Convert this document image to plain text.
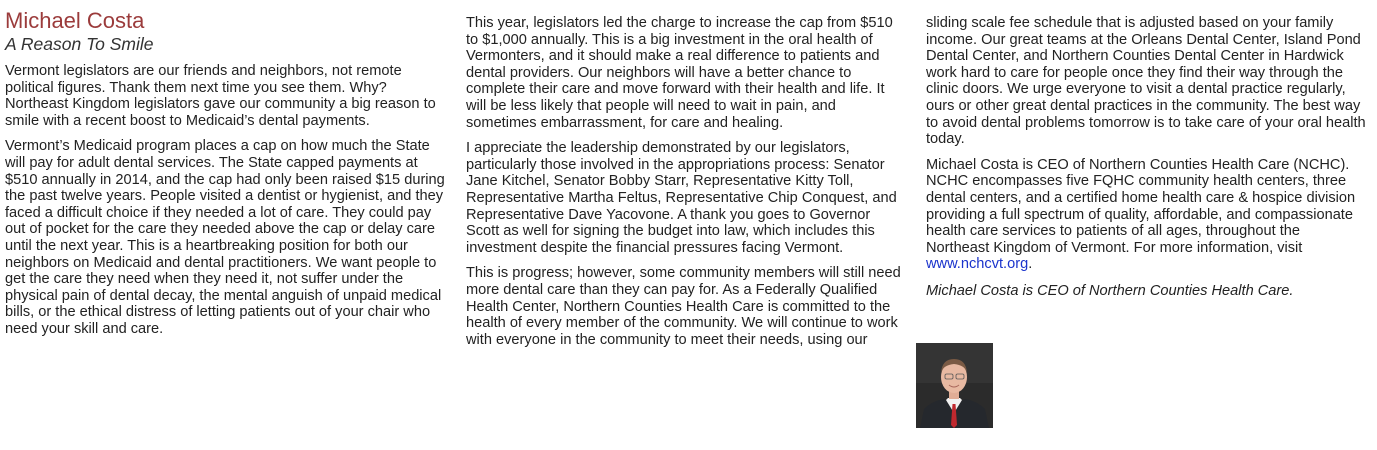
Michael Costa
A Reason To Smile

Vermont legislators are our friends and neighbors, not remote political figures. Thank them next time you see them. Why? Northeast Kingdom legislators gave our community a big reason to smile with a recent boost to Medicaid’s dental payments.

Vermont’s Medicaid program places a cap on how much the State will pay for adult dental services. The State capped payments at $510 annually in 2014, and the cap had only been raised $15 during the past twelve years. People visited a dentist or hygienist, and they faced a difficult choice if they needed a lot of care. They could pay out of pocket for the care they needed above the cap or delay care until the next year. This is a heartbreaking position for both our neighbors on Medicaid and dental practitioners. We want people to get the care they need when they need it, not suffer under the physical pain of dental decay, the mental anguish of unpaid medical bills, or the ethical distress of letting patients out of your chair who need your skill and care.

This year, legislators led the charge to increase the cap from $510 to $1,000 annually. This is a big investment in the oral health of Vermonters, and it should make a real difference to patients and dental providers. Our neighbors will have a better chance to complete their care and move forward with their health and life. It will be less likely that people will need to wait in pain, and sometimes embarrassment, for care and healing.

I appreciate the leadership demonstrated by our legislators, particularly those involved in the appropriations process: Senator Jane Kitchel, Senator Bobby Starr, Representative Kitty Toll, Representative Martha Feltus, Representative Chip Conquest, and Representative Dave Yacovone. A thank you goes to Governor Scott as well for signing the budget into law, which includes this investment despite the financial pressures facing Vermont.

This is progress; however, some community members will still need more dental care than they can pay for. As a Federally Qualified Health Center, Northern Counties Health Care is committed to the health of every member of the community. We will continue to work with everyone in the community to meet their needs, using our

sliding scale fee schedule that is adjusted based on your family income. Our great teams at the Orleans Dental Center, Island Pond Dental Center, and Northern Counties Dental Center in Hardwick work hard to care for people once they find their way through the clinic doors. We urge everyone to visit a dental practice regularly, ours or other great dental practices in the community. The best way to avoid dental problems tomorrow is to take care of your oral health today.

Michael Costa is CEO of Northern Counties Health Care (NCHC). NCHC encompasses five FQHC community health centers, three dental centers, and a certified home health care & hospice division providing a full spectrum of quality, affordable, and compassionate health care services to patients of all ages, throughout the Northeast Kingdom of Vermont. For more information, visit www.nchcvt.org.

Michael Costa is CEO of Northern Counties Health Care.
